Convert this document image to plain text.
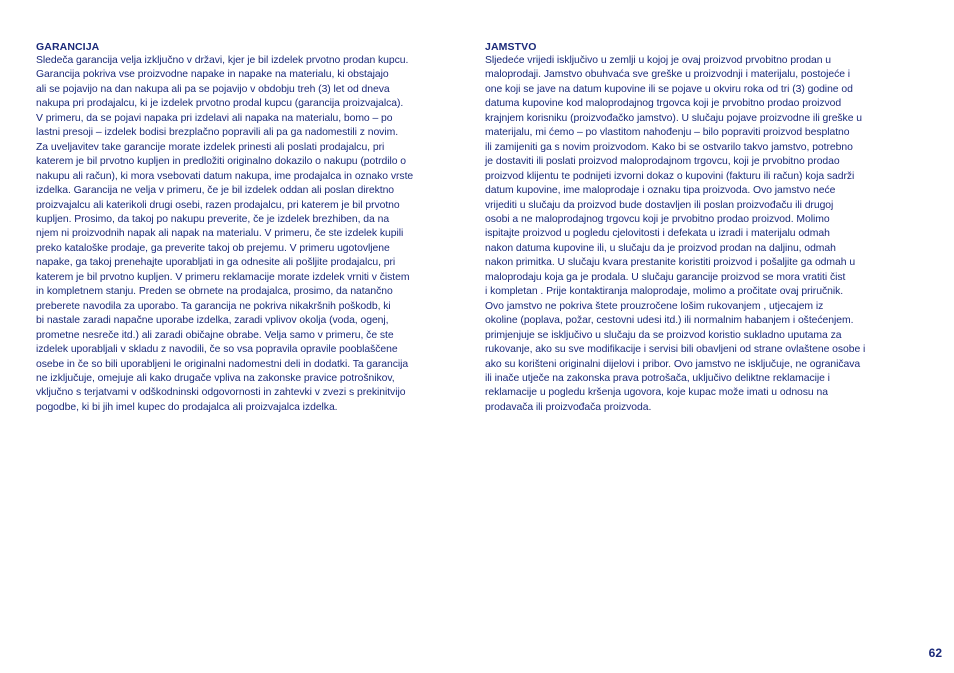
GARANCIJA
Sledeča garancija velja izključno v državi, kjer je bil izdelek prvotno prodan kupcu.
Garancija pokriva vse proizvodne napake in napake na materialu, ki obstajajo
ali se pojavijo na dan nakupa ali pa se pojavijo v obdobju treh (3) let od dneva
nakupa pri prodajalcu, ki je izdelek prvotno prodal kupcu (garancija proizvajalca).
V primeru, da se pojavi napaka pri izdelavi ali napaka na materialu, bomo – po
lastni presoji – izdelek bodisi brezplačno popravili ali pa ga nadomestili z novim.
Za uveljavitev take garancije morate izdelek prinesti ali poslati prodajalcu, pri
katerem je bil prvotno kupljen in predložiti originalno dokazilo o nakupu (potrdilo o
nakupu ali račun), ki mora vsebovati datum nakupa, ime prodajalca in oznako vrste
izdelka. Garancija ne velja v primeru, če je bil izdelek oddan ali poslan direktno
proizvajalcu ali katerikoli drugi osebi, razen prodajalcu, pri katerem je bil prvotno
kupljen. Prosimo, da takoj po nakupu preverite, če je izdelek brezhiben, da na
njem ni proizvodnih napak ali napak na materialu. V primeru, če ste izdelek kupili
preko kataloške prodaje, ga preverite takoj ob prejemu. V primeru ugotovljene
napake, ga takoj prenehajte uporabljati in ga odnesite ali pošljite prodajalcu, pri
katerem je bil prvotno kupljen. V primeru reklamacije morate izdelek vrniti v čistem
in kompletnem stanju. Preden se obrnete na prodajalca, prosimo, da natančno
preberete navodila za uporabo. Ta garancija ne pokriva nikakršnih poškodb, ki
bi nastale zaradi napačne uporabe izdelka, zaradi vplivov okolja (voda, ogenj,
prometne nesreče itd.) ali zaradi običajne obrabe. Velja samo v primeru, če ste
izdelek uporabljali v skladu z navodili, če so vsa popravila opravile pooblaščene
osebe in če so bili uporabljeni le originalni nadomestni deli in dodatki. Ta garancija
ne izključuje, omejuje ali kako drugače vpliva na zakonske pravice potrošnikov,
vključno s terjatvami v odškodninski odgovornosti in zahtevki v zvezi s prekinitvijo
pogodbe, ki bi jih imel kupec do prodajalca ali proizvajalca izdelka.
JAMSTVO
Sljedeće vrijedi isključivo u zemlji u kojoj je ovaj proizvod prvobitno prodan u
maloprodaji. Jamstvo obuhvaća sve greške u proizvodnji i materijalu, postojeće i
one koji se jave na datum kupovine ili se pojave u okviru roka od tri (3) godine od
datuma kupovine kod maloprodajnog trgovca koji je prvobitno prodao proizvod
krajnjem korisniku (proizvođačko jamstvo). U slučaju pojave proizvodne ili greške u
materijalu, mi ćemo – po vlastitom nahođenju – bilo popraviti proizvod besplatno
ili zamijeniti ga s novim proizvodom. Kako bi se ostvarilo takvo jamstvo, potrebno
je dostaviti ili poslati proizvod maloprodajnom trgovcu, koji je prvobitno prodao
proizvod klijentu te podnijeti izvorni dokaz o kupovini (fakturu ili račun) koja sadrži
datum kupovine, ime maloprodaje i oznaku tipa proizvoda. Ovo jamstvo neće
vrijediti u slučaju da proizvod bude dostavljen ili poslan proizvođaču ili drugoj
osobi a ne maloprodajnog trgovcu koji je prvobitno prodao proizvod. Molimo
ispitajte proizvod u pogledu cjelovitosti i defekata u izradi i materijalu odmah
nakon datuma kupovine ili, u slučaju da je proizvod prodan na daljinu, odmah
nakon primitka. U slučaju kvara prestanite koristiti proizvod i pošaljite ga odmah u
maloprodaju koja ga je prodala. U slučaju garancije proizvod se mora vratiti čist
i kompletan . Prije kontaktiranja maloprodaje, molimo a pročitate ovaj priručnik.
Ovo jamstvo ne pokriva štete prouzročene lošim rukovanjem , utjecajem iz
okoline (poplava, požar, cestovni udesi itd.) ili normalnim habanjem i oštećenjem.
primjenjuje se isključivo u slučaju da se proizvod koristio sukladno uputama za
rukovanje, ako su sve modifikacije i servisi bili obavljeni od strane ovlaštene osobe i
ako su korišteni originalni dijelovi i pribor. Ovo jamstvo ne isključuje, ne ograničava
ili inače utječe na zakonska prava potrošača, uključivo deliktne reklamacije i
reklamacije u pogledu kršenja ugovora, koje kupac može imati u odnosu na
prodavača ili proizvođača proizvoda.
62
